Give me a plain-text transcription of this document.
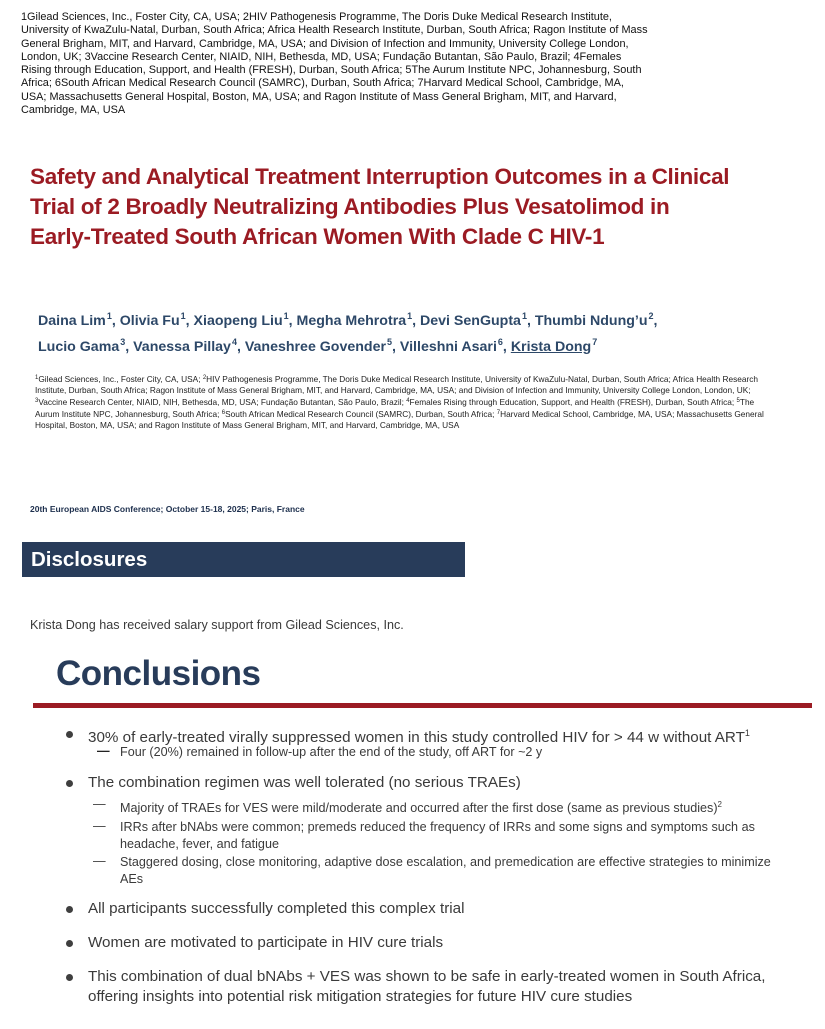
1Gilead Sciences, Inc., Foster City, CA, USA; 2HIV Pathogenesis Programme, The Doris Duke Medical Research Institute, University of KwaZulu-Natal, Durban, South Africa; Africa Health Research Institute, Durban, South Africa; Ragon Institute of Mass General Brigham, MIT, and Harvard, Cambridge, MA, USA; and Division of Infection and Immunity, University College London, London, UK; 3Vaccine Research Center, NIAID, NIH, Bethesda, MD, USA; Fundação Butantan, São Paulo, Brazil; 4Females Rising through Education, Support, and Health (FRESH), Durban, South Africa; 5The Aurum Institute NPC, Johannesburg, South Africa; 6South African Medical Research Council (SAMRC), Durban, South Africa; 7Harvard Medical School, Cambridge, MA, USA; Massachusetts General Hospital, Boston, MA, USA; and Ragon Institute of Mass General Brigham, MIT, and Harvard, Cambridge, MA, USA
Safety and Analytical Treatment Interruption Outcomes in a Clinical Trial of 2 Broadly Neutralizing Antibodies Plus Vesatolimod in Early-Treated South African Women With Clade C HIV-1
Daina Lim$^1$, Olivia Fu$^1$, Xiaopeng Liu$^1$, Megha Mehrotra$^1$, Devi SenGupta$^1$, Thumbi $Ndung’u^2$,
Lucio Gama$^3$, Vanessa Pillay$^4$, Vaneshree Govender$^5$, Villeshni Asari$^6$, Krista Dong$^7$
$^1$Gilead Sciences, Inc., Foster City, CA, USA; $^2$HIV Pathogenesis Programme, The Doris Duke Medical Research Institute, University of KwaZulu-Natal, Durban, South Africa; Africa Health Research Institute, Durban, South Africa; Ragon Institute of Mass General Brigham, MIT, and Harvard, Cambridge, MA, USA; and Division of Infection and Immunity, University College London, London, UK; $^3$Vaccine Research Center, NIAID, NIH, Bethesda, MD, USA; Fundação Butantan, São Paulo, Brazil; $^4$Females Rising through Education, Support, and Health (FRESH), Durban, South Africa; $^5$The Aurum Institute NPC, Johannesburg, South Africa; $^6$South African Medical Research Council (SAMRC), Durban, South Africa; $^7$Harvard Medical School, Cambridge, MA, USA; Massachusetts General Hospital, Boston, MA, USA; and Ragon Institute of Mass General Brigham, MIT, and Harvard, Cambridge, MA, USA
20th European AIDS Conference; October 15-18, 2025; Paris, France
Disclosures
Krista Dong has received salary support from Gilead Sciences, Inc.
Conclusions
30% of early-treated virally suppressed women in this study controlled HIV for > 44 w without ART$^1$
— Four (20%) remained in follow-up after the end of the study, off ART for ~2 y
The combination regimen was well tolerated (no serious TRAEs)
— Majority of TRAEs for VES were mild/moderate and occurred after the first dose (same as previous studies)$^2$
— IRRs after bNAbs were common; premeds reduced the frequency of IRRs and some signs and symptoms such as headache, fever, and fatigue
— Staggered dosing, close monitoring, adaptive dose escalation, and premedication are effective strategies to minimize AEs
All participants successfully completed this complex trial
Women are motivated to participate in HIV cure trials
This combination of dual bNAbs + VES was shown to be safe in early-treated women in South Africa, offering insights into potential risk mitigation strategies for future HIV cure studies
